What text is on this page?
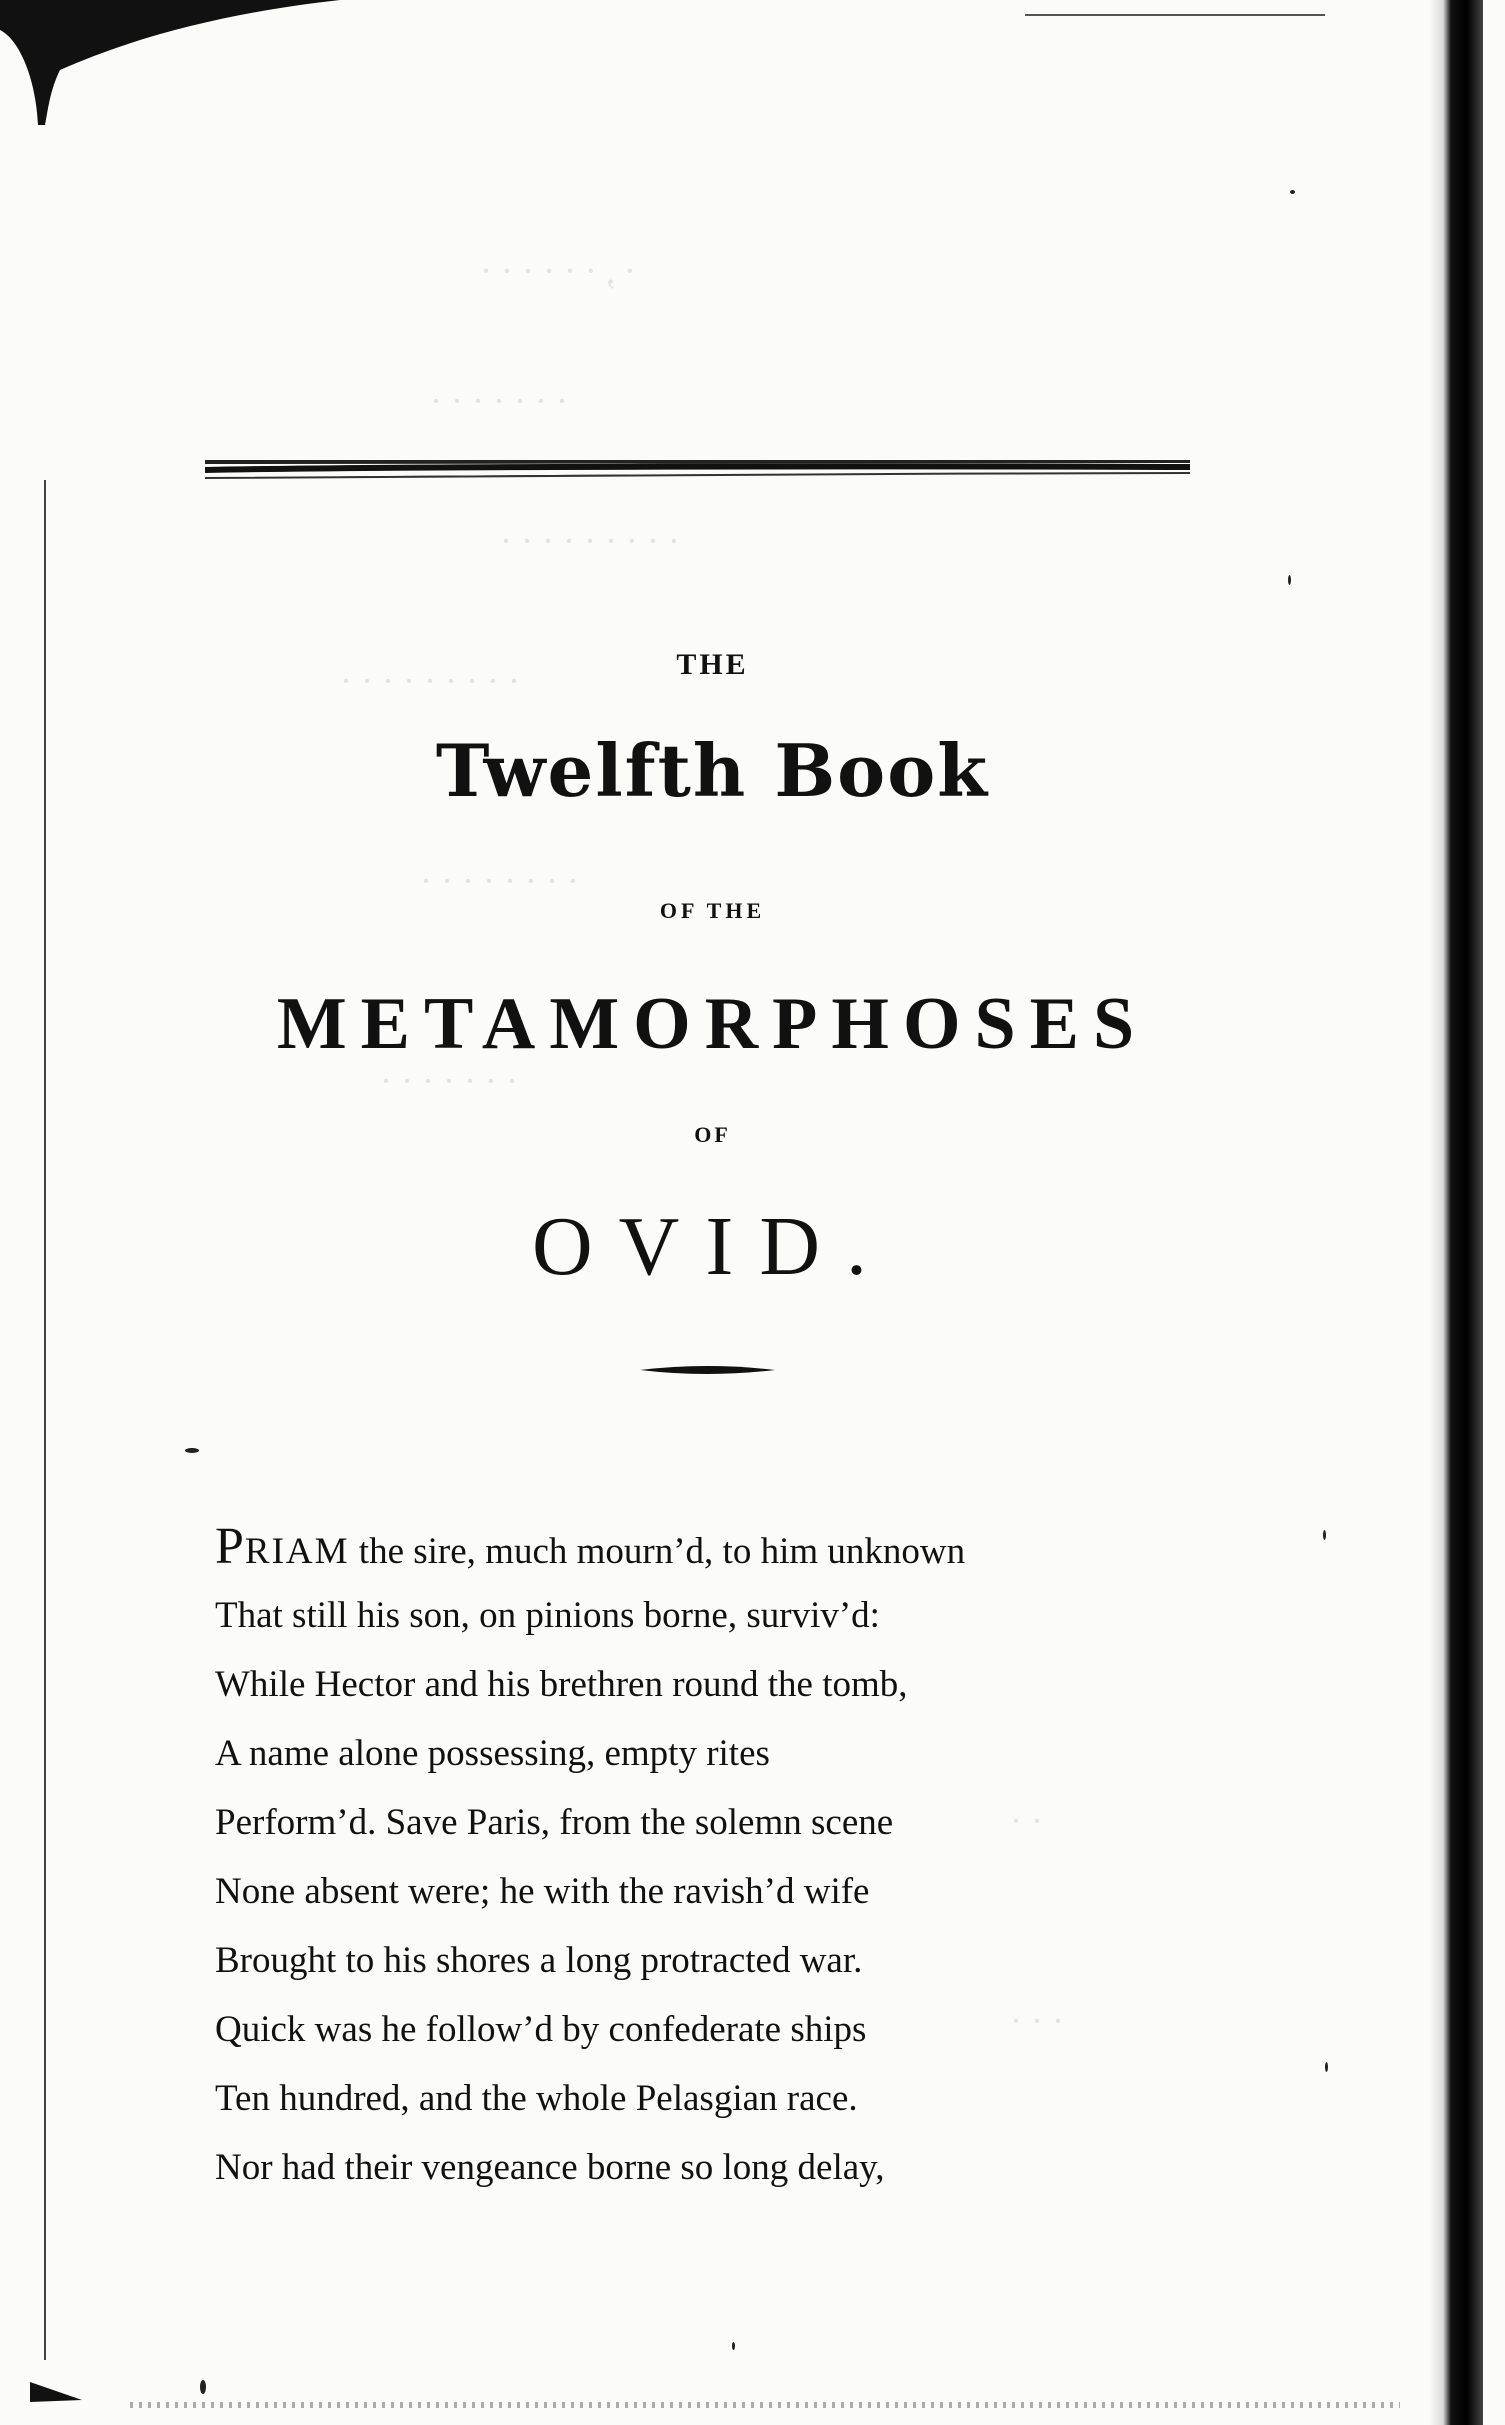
· , · · · · · ·
· · · · · · ·
· · · · · · · · ·
· · · · · · · · ·
· · · · · · · ·
· · · · · · ·
· ·
· · ·
THE
Twelfth Book
OF THE
METAMORPHOSES
OF
OVID.
PRIAM the sire, much mourn’d, to him unknown
That still his son, on pinions borne, surviv’d:
While Hector and his brethren round the tomb,
A name alone possessing, empty rites
Perform’d. Save Paris, from the solemn scene
None absent were; he with the ravish’d wife
Brought to his shores a long protracted war.
Quick was he follow’d by confederate ships
Ten hundred, and the whole Pelasgian race.
Nor had their vengeance borne so long delay,
